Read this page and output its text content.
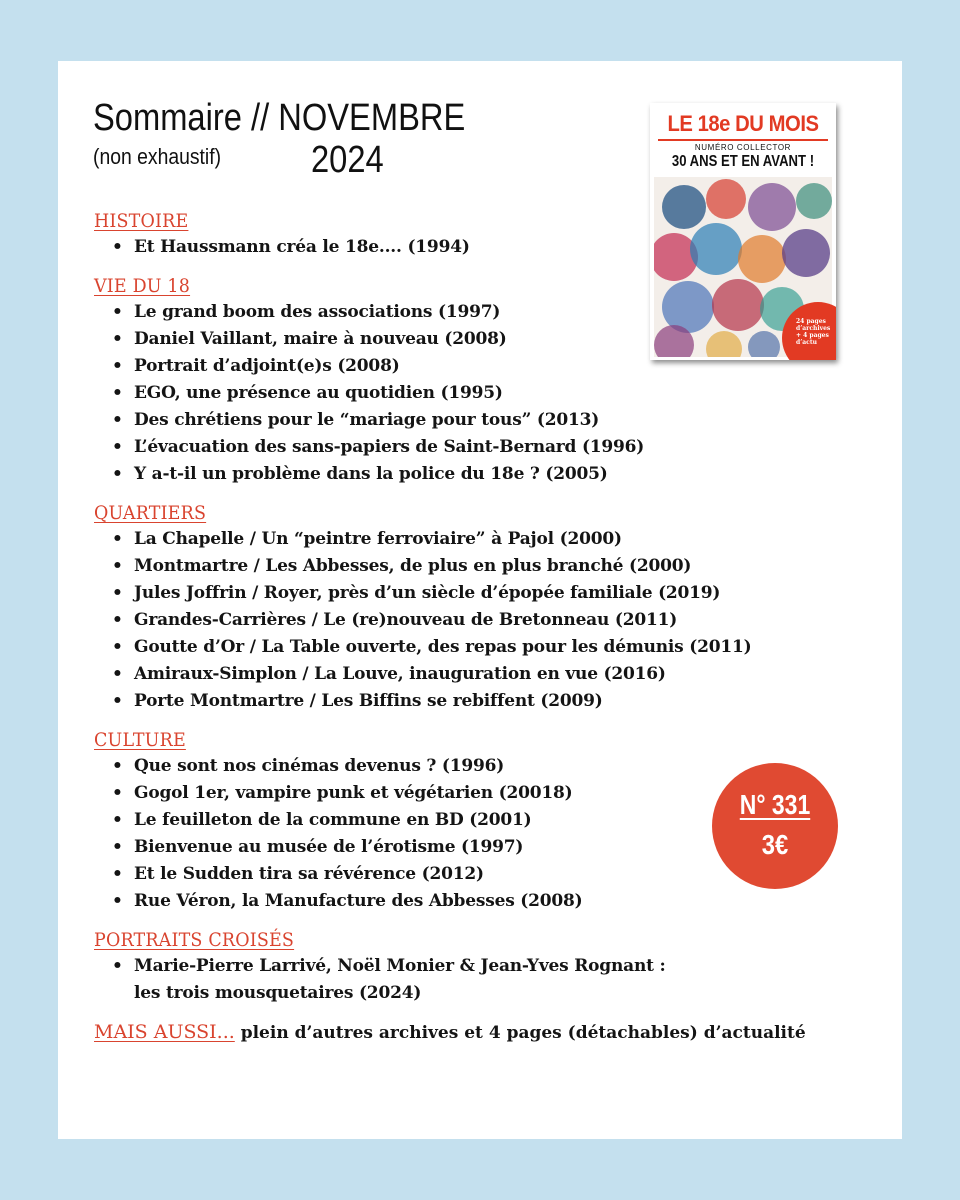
Sommaire // NOVEMBRE
(non exhaustif) 2024
LE 18e DU MOIS
NUMÉRO COLLECTOR
30 ANS ET EN AVANT !
24 pages d’archives + 4 pages d’actu
HISTOIRE
• Et Haussmann créa le 18e.... (1994)
VIE DU 18
• Le grand boom des associations (1997)
• Daniel Vaillant, maire à nouveau (2008)
• Portrait d’adjoint(e)s (2008)
• EGO, une présence au quotidien (1995)
• Des chrétiens pour le “mariage pour tous” (2013)
• L’évacuation des sans-papiers de Saint-Bernard (1996)
• Y a-t-il un problème dans la police du 18e ? (2005)
QUARTIERS
• La Chapelle / Un “peintre ferroviaire” à Pajol (2000)
• Montmartre / Les Abbesses, de plus en plus branché (2000)
• Jules Joffrin / Royer, près d’un siècle d’épopée familiale (2019)
• Grandes-Carrières / Le (re)nouveau de Bretonneau (2011)
• Goutte d’Or / La Table ouverte, des repas pour les démunis (2011)
• Amiraux-Simplon / La Louve, inauguration en vue (2016)
• Porte Montmartre / Les Biffins se rebiffent (2009)
CULTURE
• Que sont nos cinémas devenus ? (1996)
• Gogol 1er, vampire punk et végétarien (20018)
• Le feuilleton de la commune en BD (2001)
• Bienvenue au musée de l’érotisme (1997)
• Et le Sudden tira sa révérence (2012)
• Rue Véron, la Manufacture des Abbesses (2008)
PORTRAITS CROISÉS
• Marie-Pierre Larrivé, Noël Monier & Jean-Yves Rognant :
les trois mousquetaires (2024)
MAIS AUSSI... plein d’autres archives et 4 pages (détachables) d’actualité
N° 331
3€
